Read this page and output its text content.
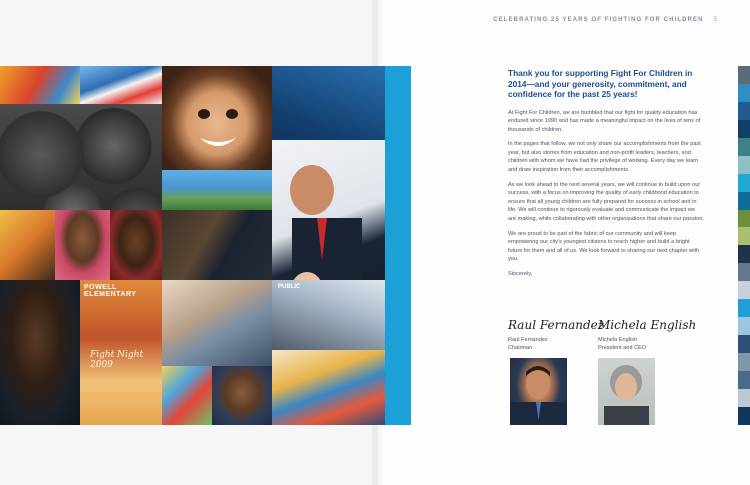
POWELL ELEMENTARY
Fight Night 2009
PUBLIC
CELEBRATING 25 YEARS OF FIGHTING FOR CHILDREN 5
Thank you for supporting Fight For Children in 2014—and your generosity, commitment, and confidence for the past 25 years!

At Fight For Children, we are humbled that our fight for quality education has endured since 1990 and has made a meaningful impact on the lives of tens of thousands of children.

In the pages that follow, we not only share our accomplishments from the past year, but also stories from education and non-profit leaders, teachers, and children with whom we have had the privilege of working. Every day we learn and draw inspiration from their accomplishments.

As we look ahead to the next several years, we will continue to build upon our success, with a focus on improving the quality of early childhood education to ensure that all young children are fully prepared for success in school and in life. We will continue to rigorously evaluate and communicate the impact we are making, while collaborating with other organizations that share our passion.

We are proud to be part of the fabric of our community and will keep empowering our city's youngest citizens to reach higher and build a bright future for them and all of us. We look forward to sharing our next chapter with you.

Sincerely,

Raul Fernandez
Raul Fernandez
Chairman
Michela English
Michela English
President and CEO
